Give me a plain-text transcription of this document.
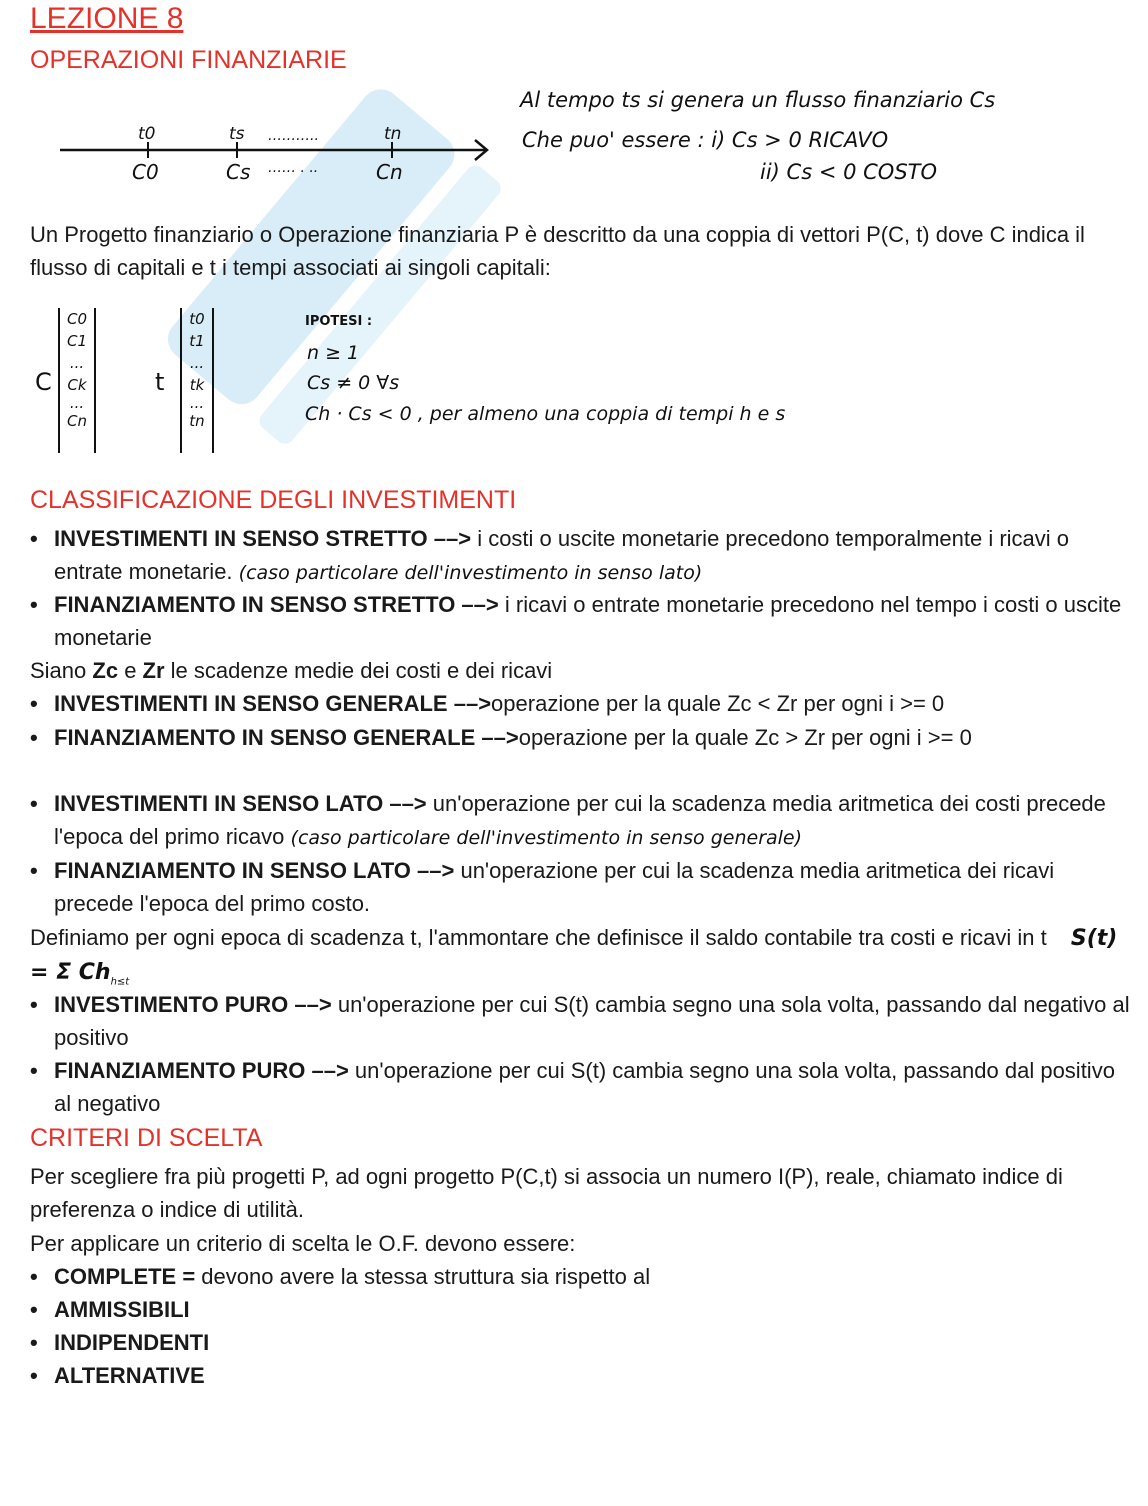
LEZIONE 8
OPERAZIONI FINANZIARIE
t0	ts ………..	tn
C0	Cs …… . ..	Cn
Al tempo ts si genera un flusso finanziario Cs
Che puo' essere : i) Cs > 0 RICAVO
ii) Cs < 0 COSTO
Un Progetto finanziario o Operazione finanziaria P è descritto da una coppia di vettori P(C, t) dove C indica il flusso di capitali e t i tempi associati ai singoli capitali:
C
C0
C1
...
Ck
...
Cn
t
t0
t1
...
tk
...
tn
IPOTESI :
n ≥ 1
Cs ≠ 0 ∀s
Ch · Cs < 0 , per almeno una coppia di tempi h e s
CLASSIFICAZIONE DEGLI INVESTIMENTI
• INVESTIMENTI IN SENSO STRETTO ––> i costi o uscite monetarie precedono temporalmente i ricavi o entrate monetarie. (caso particolare dell'investimento in senso lato)
• FINANZIAMENTO IN SENSO STRETTO ––> i ricavi o entrate monetarie precedono nel tempo i costi o uscite monetarie
Siano Zc e Zr le scadenze medie dei costi e dei ricavi
• INVESTIMENTI IN SENSO GENERALE ––>operazione per la quale Zc < Zr per ogni i >= 0
• FINANZIAMENTO IN SENSO GENERALE ––>operazione per la quale Zc > Zr per ogni i >= 0
• INVESTIMENTI IN SENSO LATO ––> un'operazione per cui la scadenza media aritmetica dei costi precede l'epoca del primo ricavo (caso particolare dell'investimento in senso generale)
• FINANZIAMENTO IN SENSO LATO ––> un'operazione per cui la scadenza media aritmetica dei ricavi precede l'epoca del primo costo.
Definiamo per ogni epoca di scadenza t, l'ammontare che definisce il saldo contabile tra costi e ricavi in t S(t) = Σ $Ch_{h\le t}$
• INVESTIMENTO PURO ––> un'operazione per cui S(t) cambia segno una sola volta, passando dal negativo al positivo
• FINANZIAMENTO PURO ––> un'operazione per cui S(t) cambia segno una sola volta, passando dal positivo al negativo
CRITERI DI SCELTA
Per scegliere fra più progetti P, ad ogni progetto P(C,t) si associa un numero I(P), reale, chiamato indice di preferenza o indice di utilità.
Per applicare un criterio di scelta le O.F. devono essere:
• COMPLETE = devono avere la stessa struttura sia rispetto al
• AMMISSIBILI
• INDIPENDENTI
• ALTERNATIVE
